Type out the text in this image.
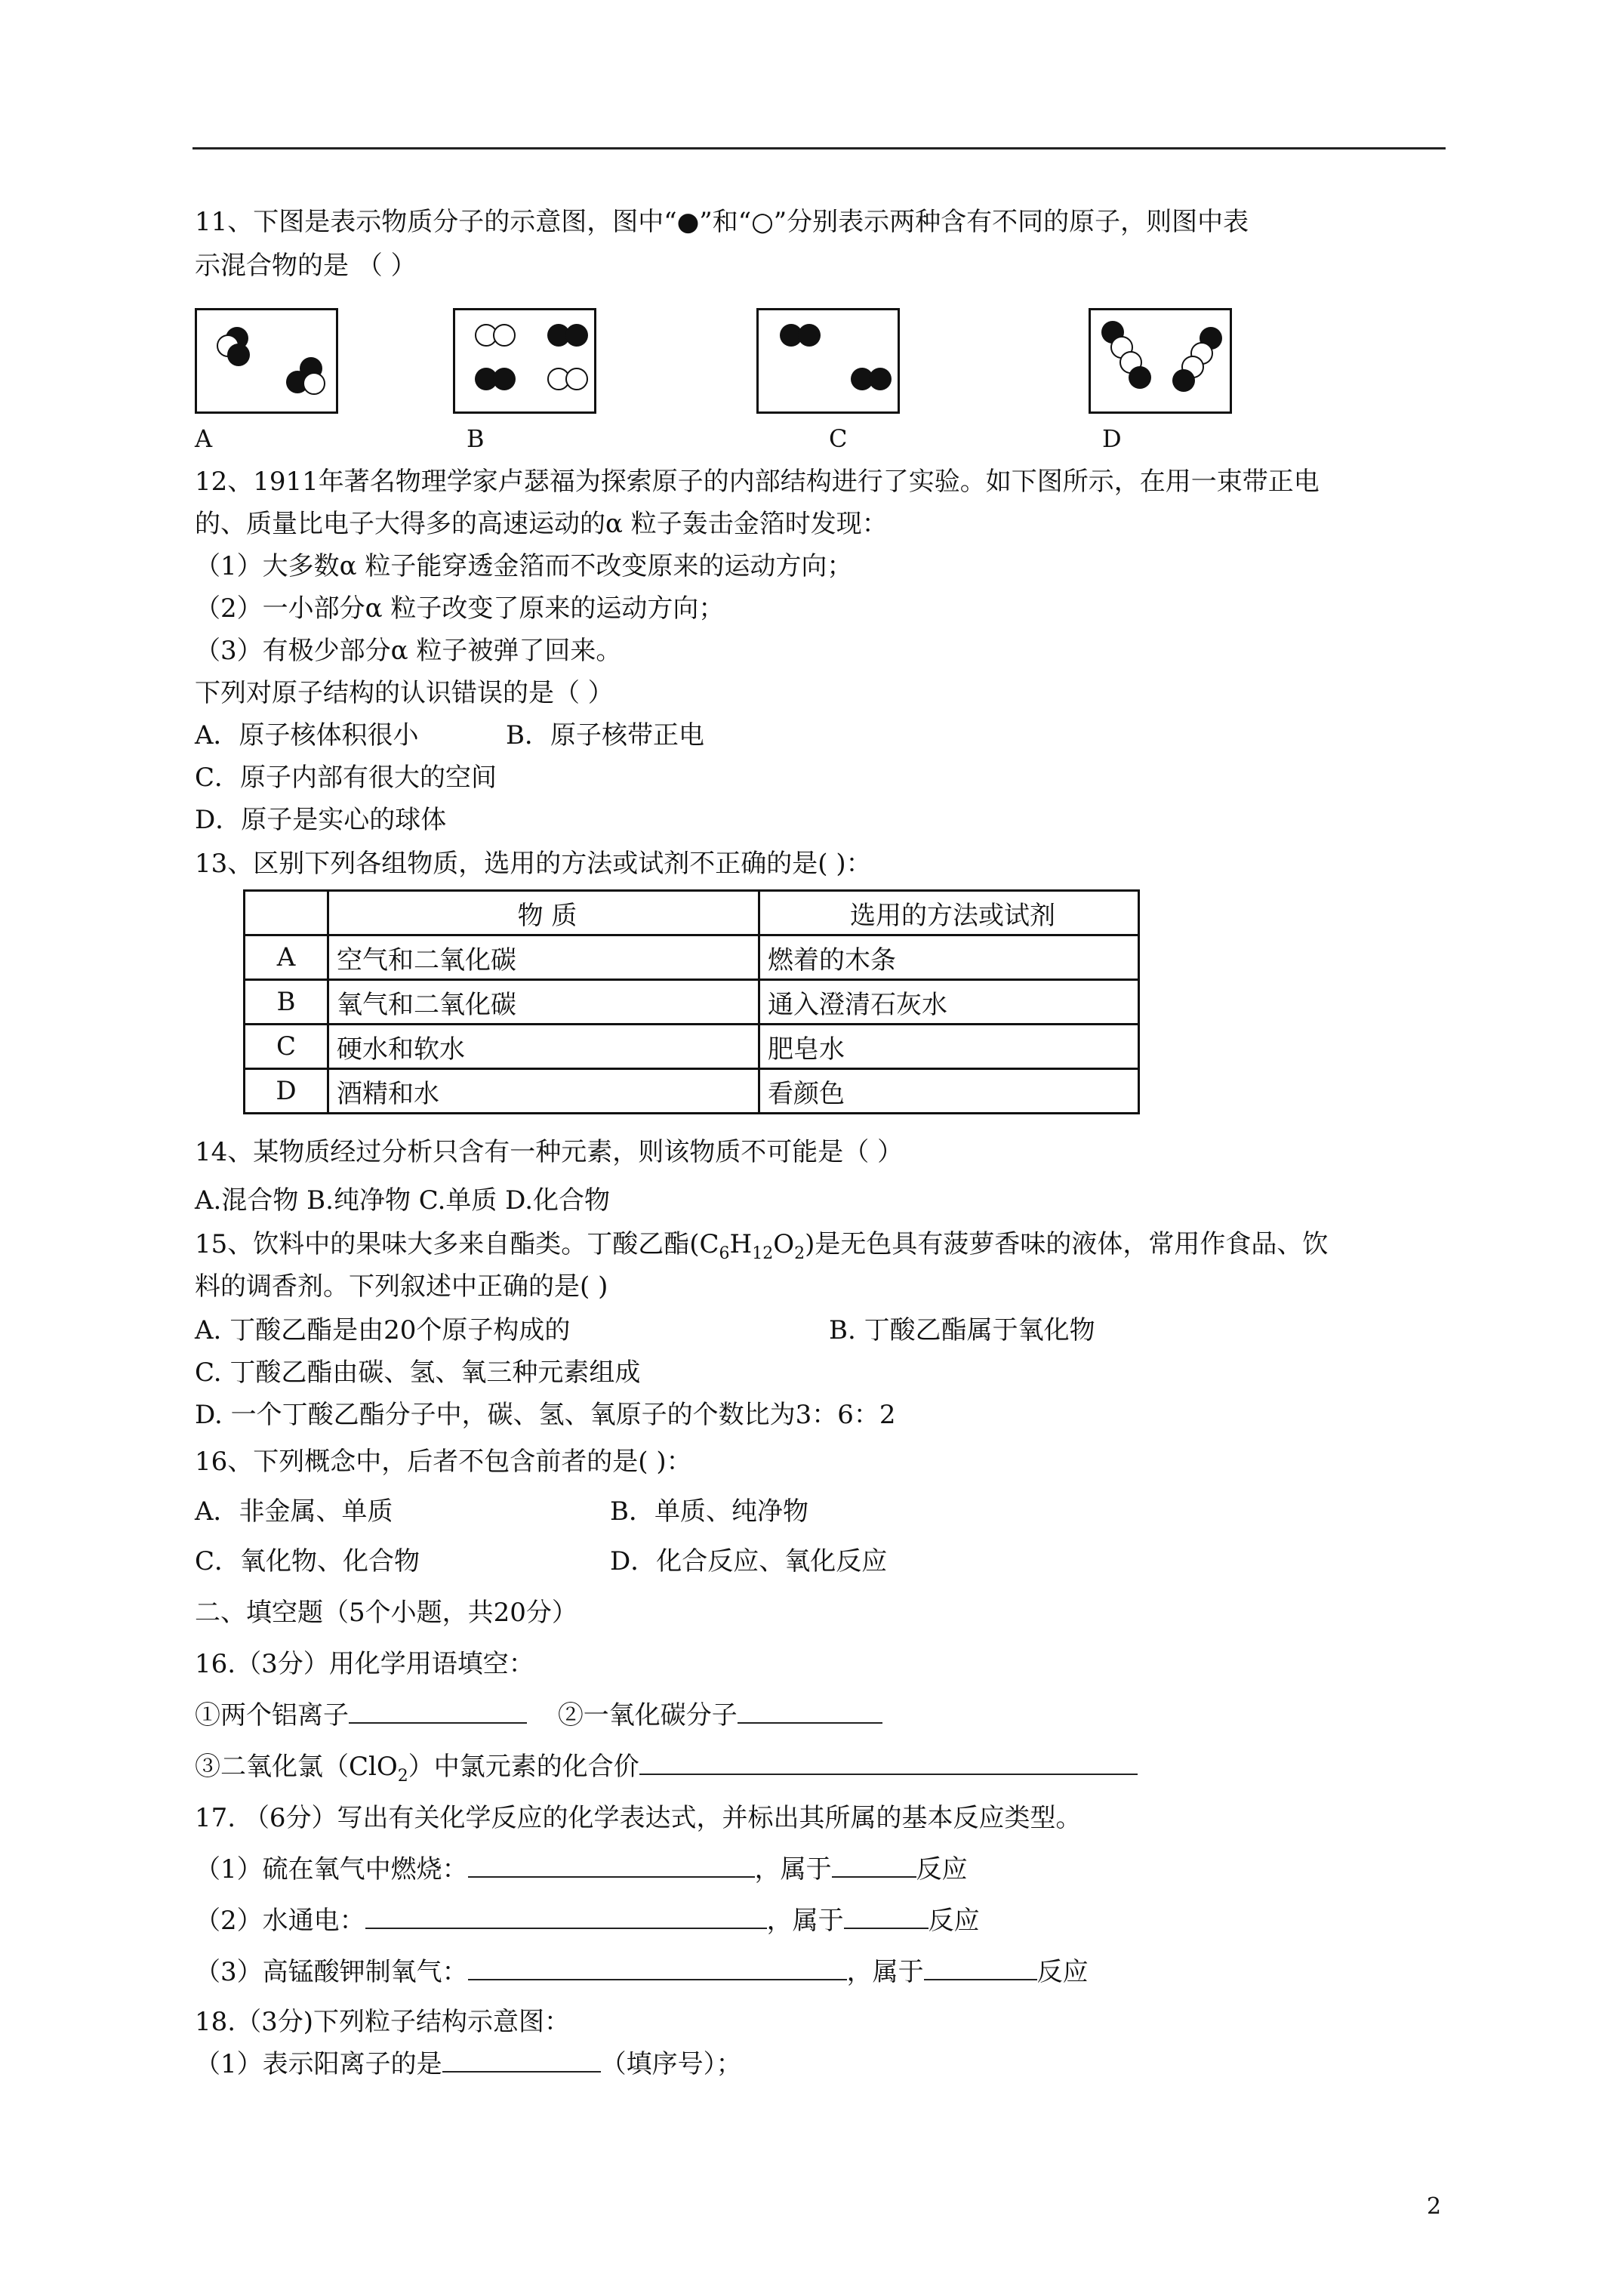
11、下图是表示物质分子的示意图，图中“●”和“○”分别表示两种含有不同的原子，则图中表
示混合物的是 （ ）
A	B	C	D
12、1911年著名物理学家卢瑟福为探索原子的内部结构进行了实验。如下图所示，在用一束带正电
的、质量比电子大得多的高速运动的α 粒子轰击金箔时发现：
（1）大多数α 粒子能穿透金箔而不改变原来的运动方向；
（2）一小部分α 粒子改变了原来的运动方向；
（3）有极少部分α 粒子被弹了回来。
下列对原子结构的认识错误的是（ ）
A．原子核体积很小	B．原子核带正电
C．原子内部有很大的空间
D．原子是实心的球体
13、区别下列各组物质，选用的方法或试剂不正确的是( )：
	物 质	选用的方法或试剂
A	空气和二氧化碳	燃着的木条
B	氧气和二氧化碳	通入澄清石灰水
C	硬水和软水	肥皂水
D	酒精和水	看颜色
14、某物质经过分析只含有一种元素，则该物质不可能是（ ）
A.混合物 B.纯净物 C.单质 D.化合物
15、饮料中的果味大多来自酯类。丁酸乙酯$(C_6H_{12}O_2)$是无色具有菠萝香味的液体，常用作食品、饮
料的调香剂。下列叙述中正确的是( )
A. 丁酸乙酯是由20个原子构成的	B. 丁酸乙酯属于氧化物
C. 丁酸乙酯由碳、氢、氧三种元素组成
D. 一个丁酸乙酯分子中，碳、氢、氧原子的个数比为3：6：2
16、下列概念中，后者不包含前者的是( )：
A．非金属、单质	B．单质、纯净物
C．氧化物、化合物	D．化合反应、氧化反应
二、填空题（5个小题，共20分）
16.（3分）用化学用语填空：
①两个铝离子	②一氧化碳分子
③二氧化氯（ClO$_2$）中氯元素的化合价
17. （6分）写出有关化学反应的化学表达式，并标出其所属的基本反应类型。
（1）硫在氧气中燃烧：	，属于	反应
（2）水通电：	，属于	反应
（3）高锰酸钾制氧气：	，属于	反应
18.（3分)下列粒子结构示意图：
（1）表示阳离子的是	（填序号）；
2
